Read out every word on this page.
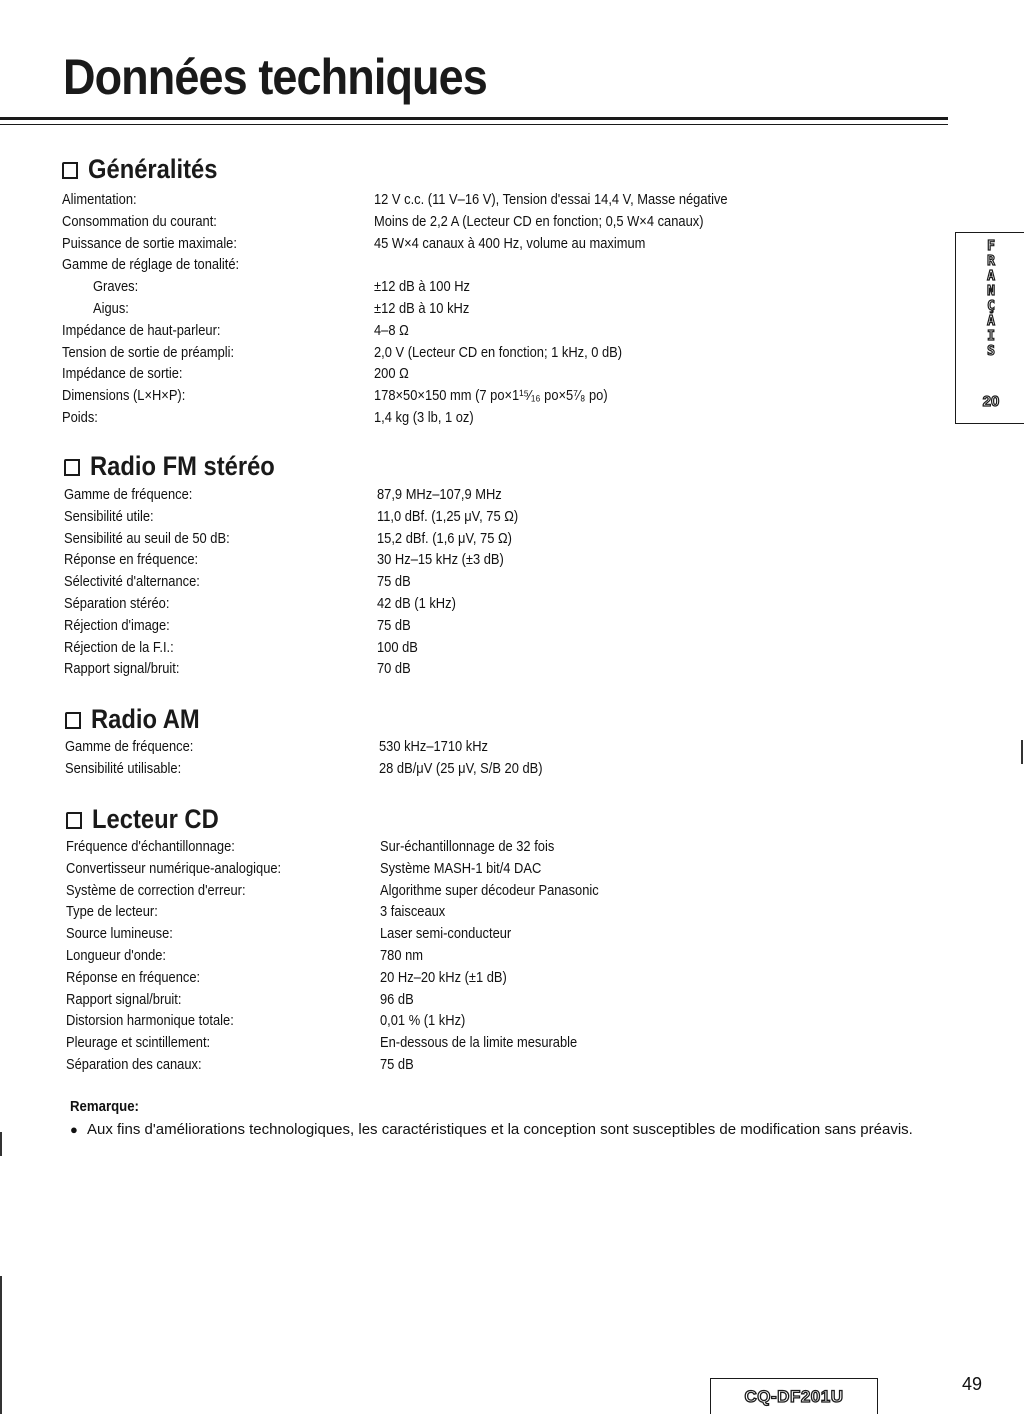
Données techniques
Généralités
Alimentation:	12 V c.c. (11 V–16 V), Tension d'essai 14,4 V, Masse négative
Consommation du courant:	Moins de 2,2 A (Lecteur CD en fonction; 0,5 W×4 canaux)
Puissance de sortie maximale:	45 W×4 canaux à 400 Hz, volume au maximum
Gamme de réglage de tonalité:
Graves:	±12 dB à 100 Hz
Aigus:	±12 dB à 10 kHz
Impédance de haut-parleur:	4–8 Ω
Tension de sortie de préampli:	2,0 V (Lecteur CD en fonction; 1 kHz, 0 dB)
Impédance de sortie:	200 Ω
Dimensions (L×H×P):	178×50×150 mm (7 po×1¹⁵⁄₁₆ po×5⁷⁄₈ po)
Poids:	1,4 kg (3 lb, 1 oz)
Radio FM stéréo
Gamme de fréquence:	87,9 MHz–107,9 MHz
Sensibilité utile:	11,0 dBf. (1,25 μV, 75 Ω)
Sensibilité au seuil de 50 dB:	15,2 dBf. (1,6 μV, 75 Ω)
Réponse en fréquence:	30 Hz–15 kHz (±3 dB)
Sélectivité d'alternance:	75 dB
Séparation stéréo:	42 dB (1 kHz)
Réjection d'image:	75 dB
Réjection de la F.I.:	100 dB
Rapport signal/bruit:	70 dB
Radio AM
Gamme de fréquence:	530 kHz–1710 kHz
Sensibilité utilisable:	28 dB/μV (25 μV, S/B 20 dB)
Lecteur CD
Fréquence d'échantillonnage:	Sur-échantillonnage de 32 fois
Convertisseur numérique-analogique:	Système MASH-1 bit/4 DAC
Système de correction d'erreur:	Algorithme super décodeur Panasonic
Type de lecteur:	3 faisceaux
Source lumineuse:	Laser semi-conducteur
Longueur d'onde:	780 nm
Réponse en fréquence:	20 Hz–20 kHz (±1 dB)
Rapport signal/bruit:	96 dB
Distorsion harmonique totale:	0,01 % (1 kHz)
Pleurage et scintillement:	En-dessous de la limite mesurable
Séparation des canaux:	75 dB
Remarque:
● Aux fins d'améliorations technologiques, les caractéristiques et la conception sont susceptibles de modification sans préavis.
F
R
A
N
Ç
A
I
S
20
CQ-DF201U
49
